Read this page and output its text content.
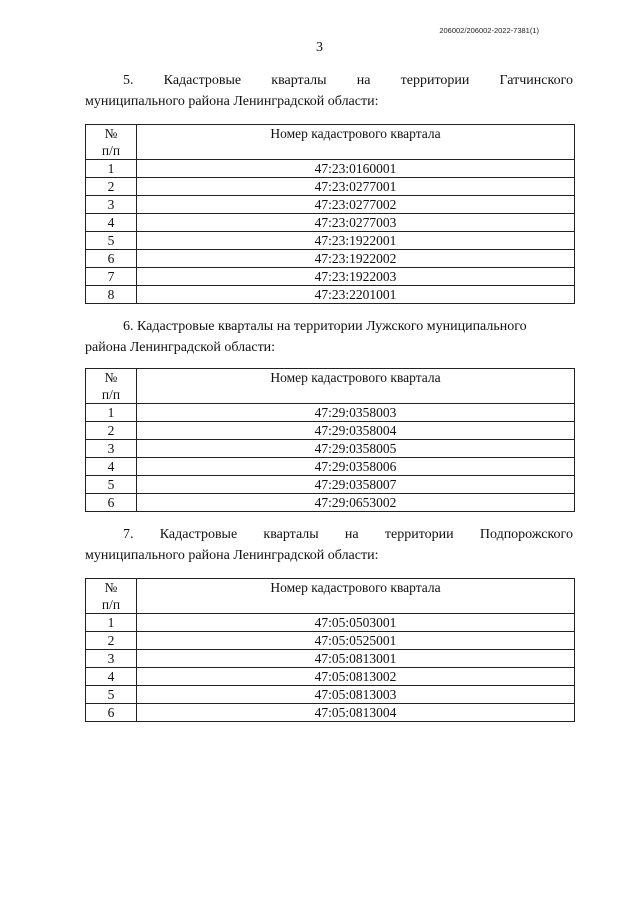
206002/206002-2022-7381(1)
3

5. Кадастровые кварталы на территории Гатчинского

муниципального района Ленинградской области:

№
п/п	Номер кадастрового квартала
1	47:23:0160001
2	47:23:0277001
3	47:23:0277002
4	47:23:0277003
5	47:23:1922001
6	47:23:1922002
7	47:23:1922003
8	47:23:2201001

6. Кадастровые кварталы на территории Лужского муниципального

района Ленинградской области:

№
п/п	Номер кадастрового квартала
1	47:29:0358003
2	47:29:0358004
3	47:29:0358005
4	47:29:0358006
5	47:29:0358007
6	47:29:0653002

7. Кадастровые кварталы на территории Подпорожского

муниципального района Ленинградской области:

№
п/п	Номер кадастрового квартала
1	47:05:0503001
2	47:05:0525001
3	47:05:0813001
4	47:05:0813002
5	47:05:0813003
6	47:05:0813004
